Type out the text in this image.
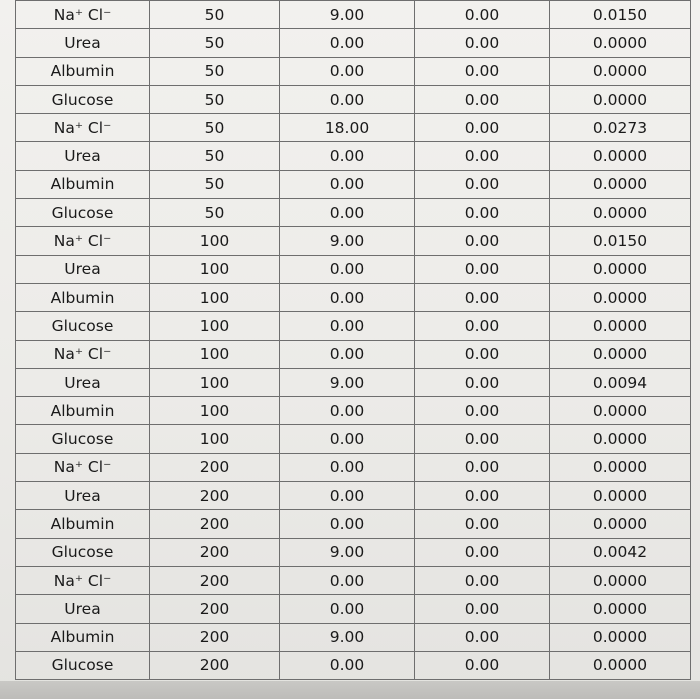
Na⁺ Cl⁻	50	9.00	0.00	0.0150
Urea	50	0.00	0.00	0.0000
Albumin	50	0.00	0.00	0.0000
Glucose	50	0.00	0.00	0.0000
Na⁺ Cl⁻	50	18.00	0.00	0.0273
Urea	50	0.00	0.00	0.0000
Albumin	50	0.00	0.00	0.0000
Glucose	50	0.00	0.00	0.0000
Na⁺ Cl⁻	100	9.00	0.00	0.0150
Urea	100	0.00	0.00	0.0000
Albumin	100	0.00	0.00	0.0000
Glucose	100	0.00	0.00	0.0000
Na⁺ Cl⁻	100	0.00	0.00	0.0000
Urea	100	9.00	0.00	0.0094
Albumin	100	0.00	0.00	0.0000
Glucose	100	0.00	0.00	0.0000
Na⁺ Cl⁻	200	0.00	0.00	0.0000
Urea	200	0.00	0.00	0.0000
Albumin	200	0.00	0.00	0.0000
Glucose	200	9.00	0.00	0.0042
Na⁺ Cl⁻	200	0.00	0.00	0.0000
Urea	200	0.00	0.00	0.0000
Albumin	200	9.00	0.00	0.0000
Glucose	200	0.00	0.00	0.0000
